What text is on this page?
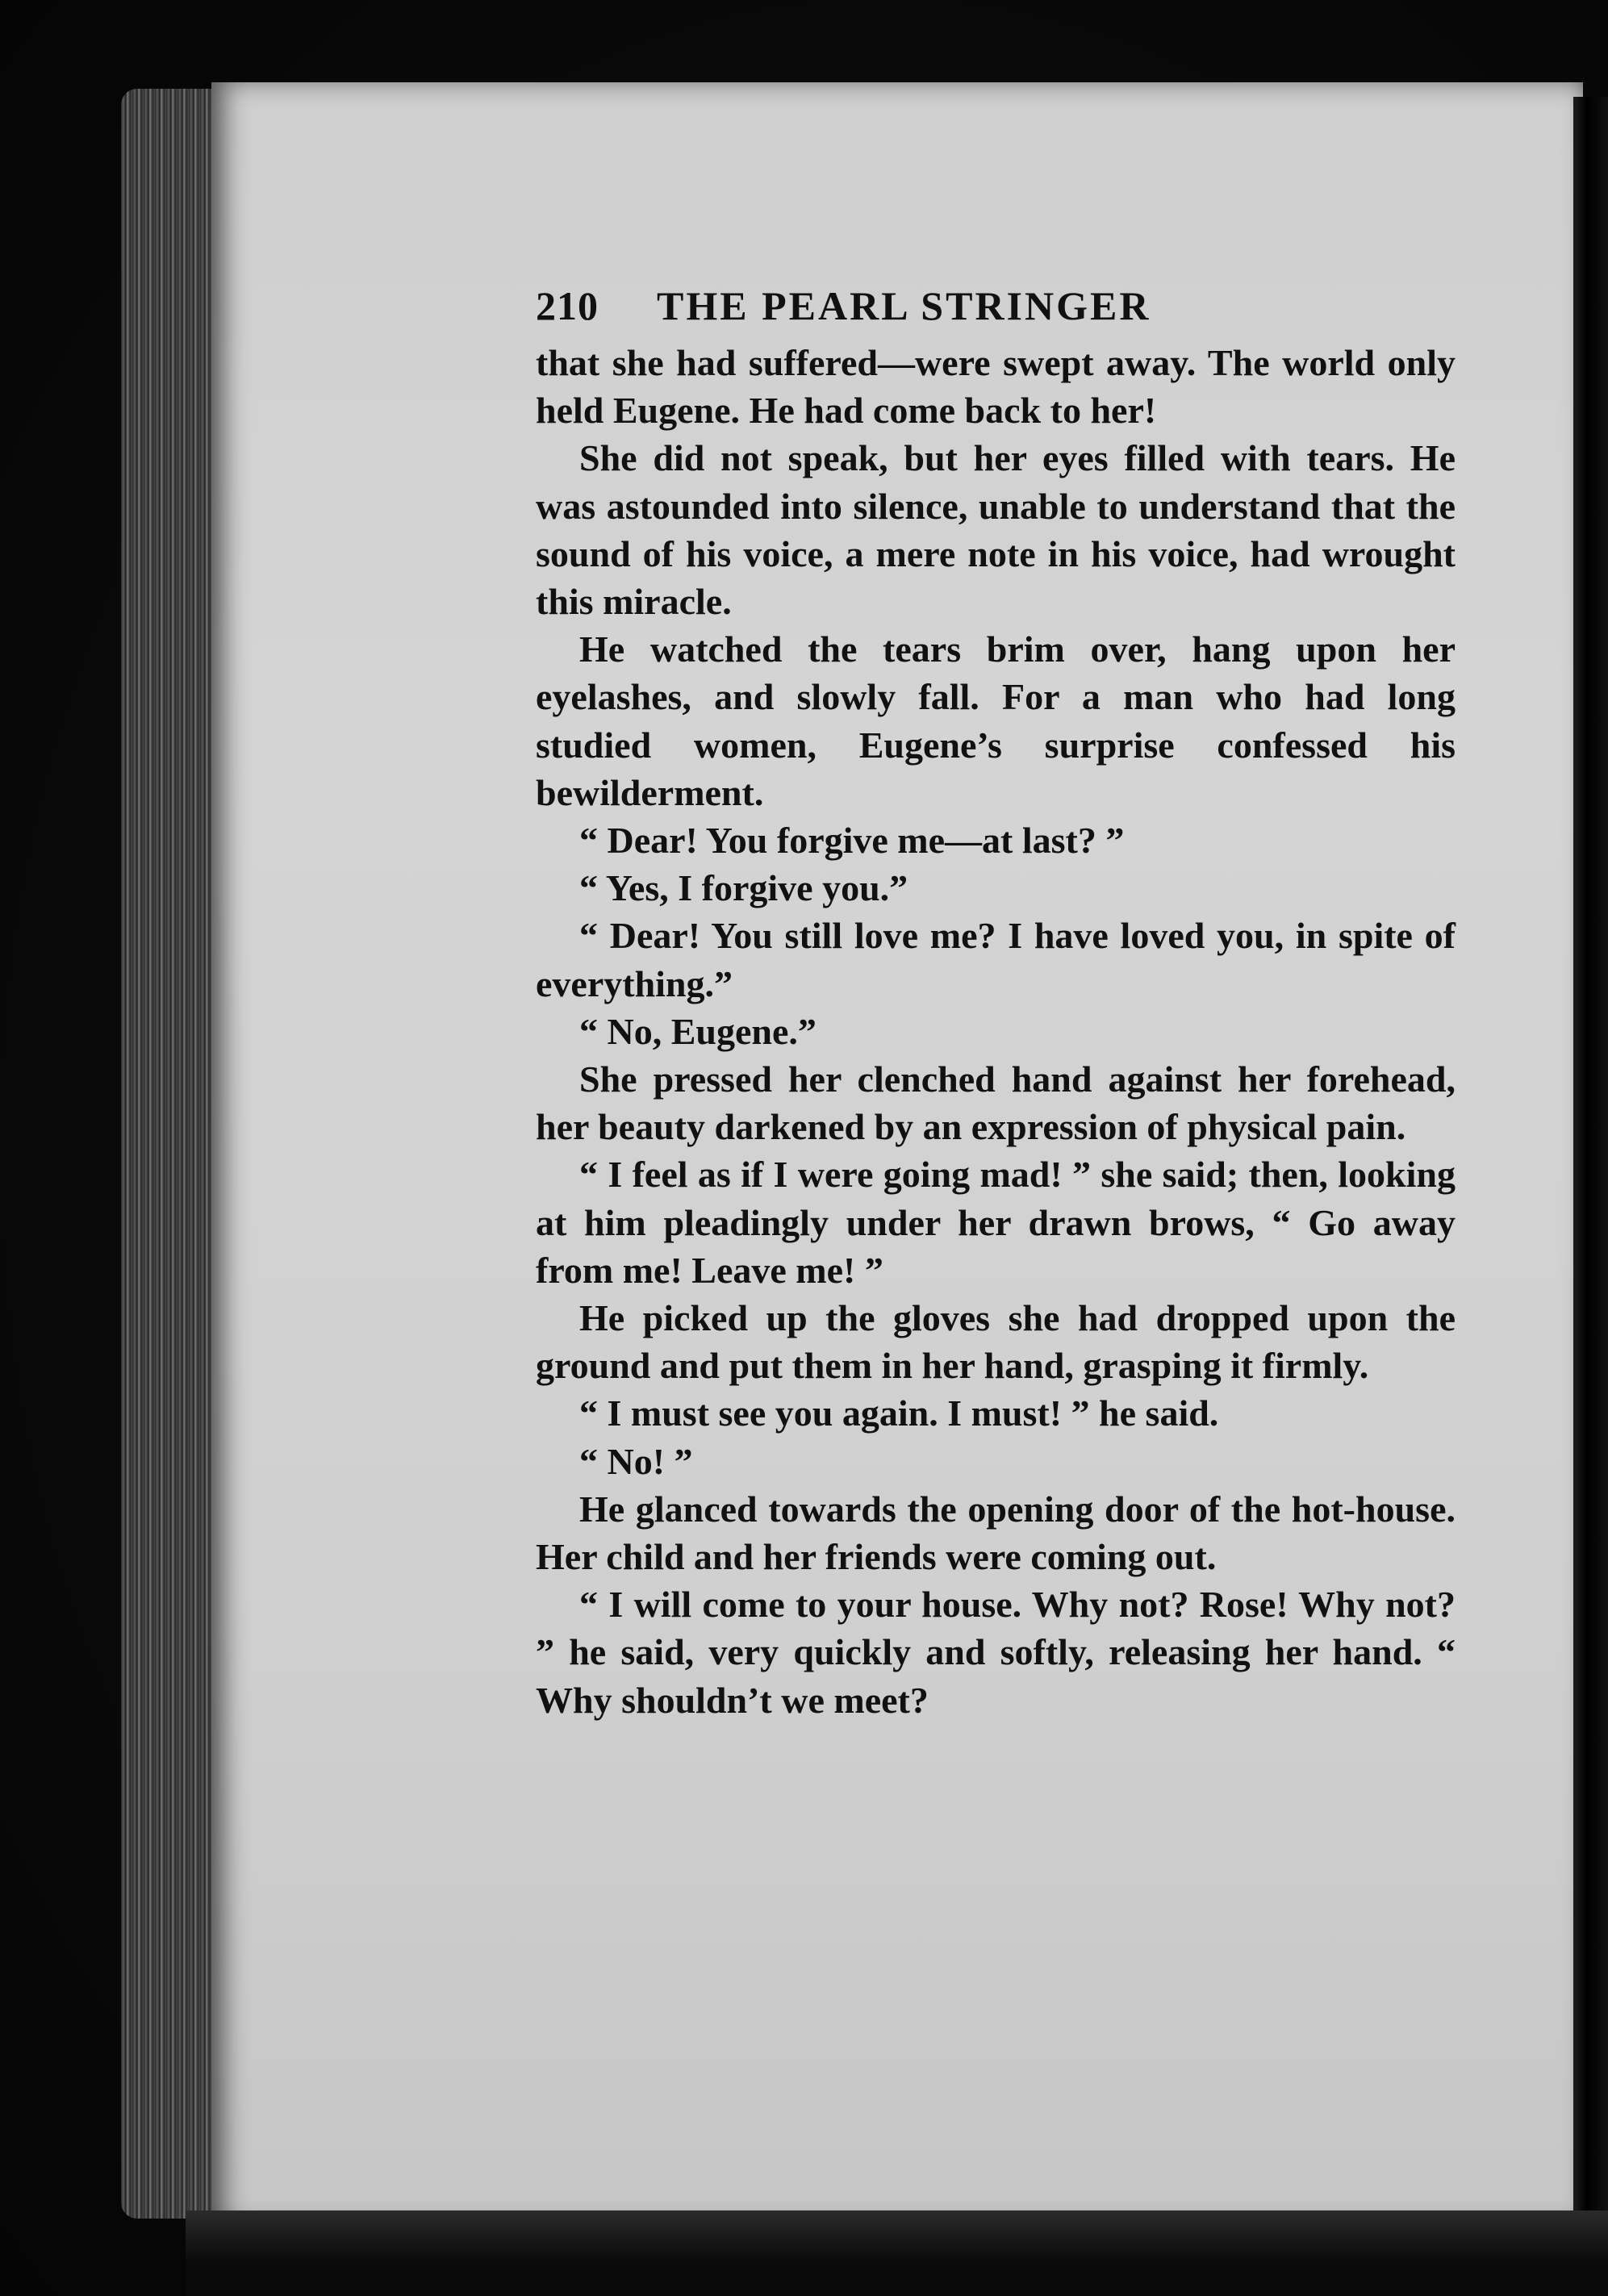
210	THE PEARL STRINGER

that she had suffered—were swept away. The world only held Eugene. He had come back to her!

She did not speak, but her eyes filled with tears. He was astounded into silence, unable to understand that the sound of his voice, a mere note in his voice, had wrought this miracle.

He watched the tears brim over, hang upon her eyelashes, and slowly fall. For a man who had long studied women, Eugene’s surprise confessed his bewilderment.

“ Dear! You forgive me—at last? ”

“ Yes, I forgive you.”

“ Dear! You still love me? I have loved you, in spite of everything.”

“ No, Eugene.”

She pressed her clenched hand against her forehead, her beauty darkened by an expression of physical pain.

“ I feel as if I were going mad! ” she said; then, looking at him pleadingly under her drawn brows, “ Go away from me! Leave me! ”

He picked up the gloves she had dropped upon the ground and put them in her hand, grasping it firmly.

“ I must see you again. I must! ” he said.

“ No! ”

He glanced towards the opening door of the hot-house. Her child and her friends were coming out.

“ I will come to your house. Why not? Rose! Why not? ” he said, very quickly and softly, releasing her hand. “ Why shouldn’t we meet?
